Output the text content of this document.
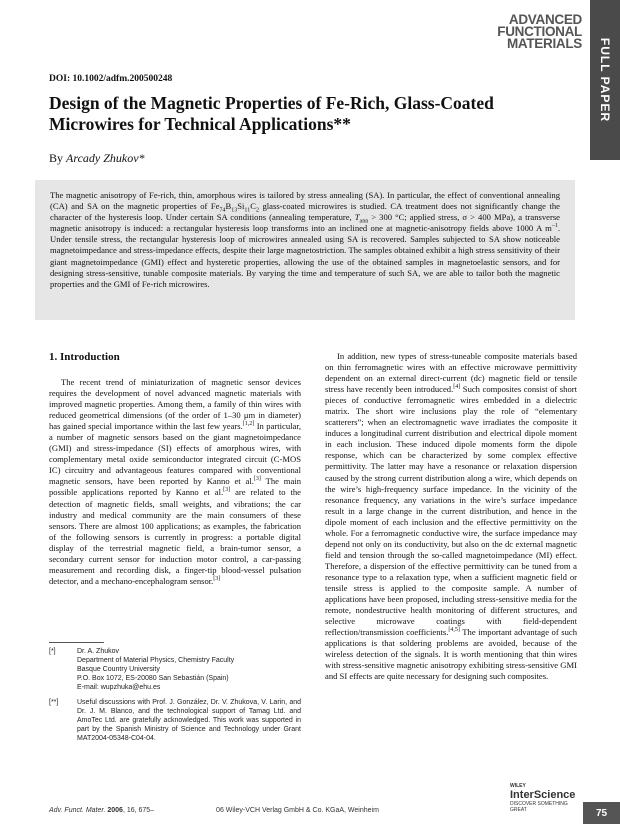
ADVANCED
FUNCTIONAL
MATERIALS FULL PAPER
DOI: 10.1002/adfm.200500248
Design of the Magnetic Properties of Fe-Rich, Glass-Coated Microwires for Technical Applications**
By Arcady Zhukov*

The magnetic anisotropy of Fe-rich, thin, amorphous wires is tailored by stress annealing (SA). In particular, the effect of conventional annealing (CA) and SA on the magnetic properties of $Fe_{74}B_{13}Si_{11}C_2$ glass-coated microwires is studied. CA treatment does not significantly change the character of the hysteresis loop. Under certain SA conditions (annealing temperature, $T_{ann} > 300$ °C; applied stress, σ > 400 MPa), a transverse magnetic anisotropy is induced: a rectangular hysteresis loop transforms into an inclined one at magnetic-anisotropy fields above 1000 A $m^{-1}$. Under tensile stress, the rectangular hysteresis loop of microwires annealed using SA is recovered. Samples subjected to SA show noticeable magnetoimpedance and stress-impedance effects, despite their large magnetostriction. The samples obtained exhibit a high stress sensitivity of their giant magnetoimpedance (GMI) effect and hysteretic properties, allowing the use of the obtained samples in magnetoelastic sensors, and for designing stress-sensitive, tunable composite materials. By varying the time and temperature of such SA, we are able to tailor both the magnetic properties and the GMI of Fe-rich microwires.

1. Introduction

The recent trend of miniaturization of magnetic sensor devices requires the development of novel advanced magnetic materials with improved magnetic properties. Among them, a family of thin wires with reduced geometrical dimensions (of the order of 1–30 μm in diameter) has gained special importance within the last few years.[1,2] In particular, a number of magnetic sensors based on the giant magnetoimpedance (GMI) and stress-impedance (SI) effects of amorphous wires, with complementary metal oxide semiconductor integrated circuit (C-MOS IC) circuitry and advantageous features compared with conventional magnetic sensors, have been reported by Kanno et al.[3] The main possible applications reported by Kanno et al.[3] are related to the detection of magnetic fields, small weights, and vibrations; the car industry and medical community are the main consumers of these sensors. There are almost 100 applications; as examples, the fabrication of the following sensors is currently in progress: a portable digital display of the terrestrial magnetic field, a brain-tumor sensor, a secondary current sensor for induction motor control, a car-passing measurement and recording disk, a finger-tip blood-vessel pulsation detector, and a mechano-encephalogram sensor.[3]

In addition, new types of stress-tuneable composite materials based on thin ferromagnetic wires with an effective microwave permittivity dependent on an external direct-current (dc) magnetic field or tensile stress have recently been introduced.[4] Such composites consist of short pieces of conductive ferromagnetic wires embedded in a dielectric matrix. The short wire inclusions play the role of “elementary scatterers”; when an electromagnetic wave irradiates the composite it induces a longitudinal current distribution and electrical dipole moment in each inclusion. These induced dipole moments form the dipole response, which can be characterized by some complex effective permittivity. The latter may have a resonance or relaxation dispersion caused by the strong current distribution along a wire, which depends on the wire’s high-frequency surface impedance. In the vicinity of the resonance frequency, any variations in the wire’s surface impedance result in a large change in the current distribution, and hence in the dipole moment of each inclusion and the effective permittivity on the whole. For a ferromagnetic conductive wire, the surface impedance may depend not only on its conductivity, but also on the dc external magnetic field and tension through the so-called magnetoimpedance (MI) effect. Therefore, a dispersion of the effective permittivity can be tuned from a resonance type to a relaxation type, when a sufficient magnetic field or tensile stress is applied to the composite sample. A number of applications have been proposed, including stress-sensitive media for the remote, nondestructive health monitoring of different structures, and selective microwave coatings with field-dependent reflection/transmission coefficients.[4,5] The important advantage of such applications is that soldering problems are avoided, because of the wireless detection of the signals. It is worth mentioning that thin wires with stress-sensitive magnetic anisotropy exhibiting stress-sensitive GMI and SI effects are quite necessary for designing such composites.

[*]	Dr. A. Zhukov
Department of Material Physics, Chemistry Faculty
Basque Country University
P.O. Box 1072, ES-20080 San Sebastián (Spain)
E-mail: wupzhuka@ehu.es
[**]	Useful discussions with Prof. J. González, Dr. V. Zhukova, V. Larin, and Dr. J. M. Blanco, and the technological support of Tamag Ltd. and AmoTec Ltd. are gratefully acknowledged. This work was supported in part by the Spanish Ministry of Science and Technology under Grant MAT2004-05348-C04-04.

Adv. Funct. Mater. 2006, 16, 675–	06 Wiley-VCH Verlag GmbH & Co. KGaA, Weinheim
WILEY
InterScience
DISCOVER SOMETHING GREAT	75
